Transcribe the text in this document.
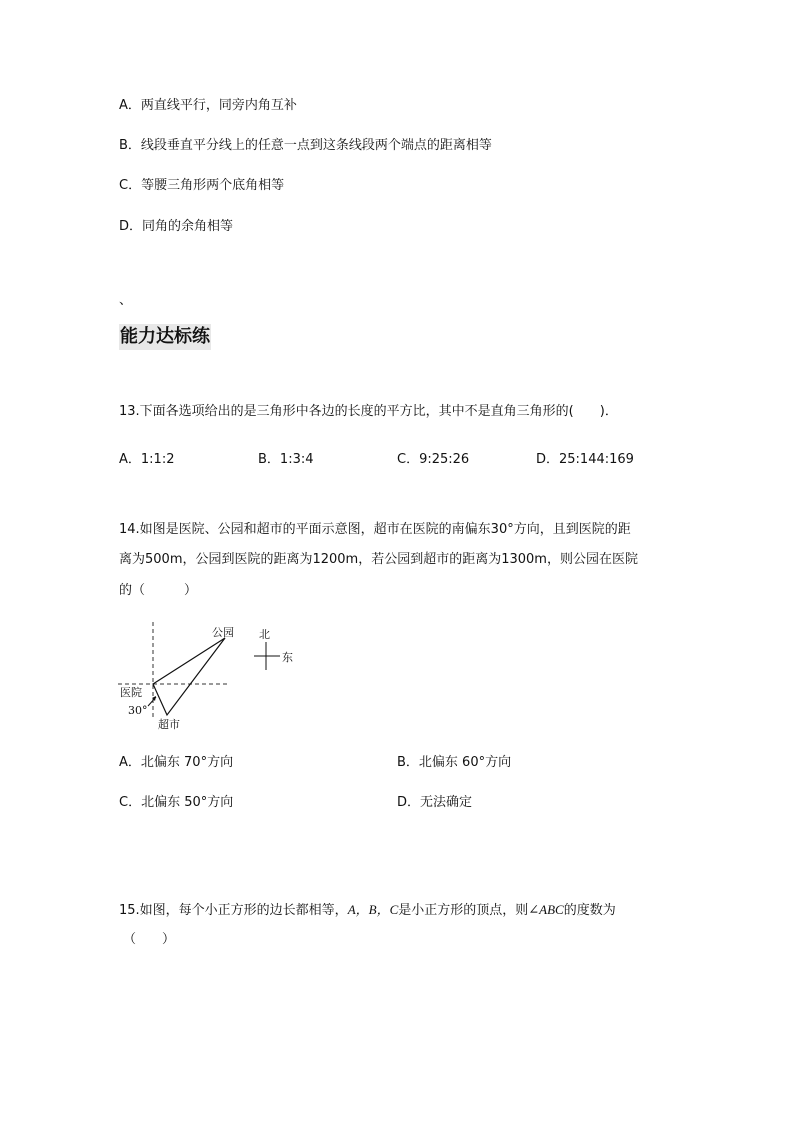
A．两直线平行，同旁内角互补
B．线段垂直平分线上的任意一点到这条线段两个端点的距离相等
C．等腰三角形两个底角相等
D．同角的余角相等
、
能力达标练
13.下面各选项给出的是三角形中各边的长度的平方比，其中不是直角三角形的(　　)．
A．1:1:2	B．1:3:4	C．9:25:26	D．25:144:169
14.如图是医院、公园和超市的平面示意图，超市在医院的南偏东30°方向，且到医院的距
离为500m，公园到医院的距离为1200m，若公园到超市的距离为1300m，则公园在医院
的（　　　）
公园 北
东
医院
30°
超市
A．北偏东 70°方向	B．北偏东 60°方向
C．北偏东 50°方向	D．无法确定
15.如图，每个小正方形的边长都相等，A，B，C是小正方形的顶点，则∠ABC的度数为
（　　）
